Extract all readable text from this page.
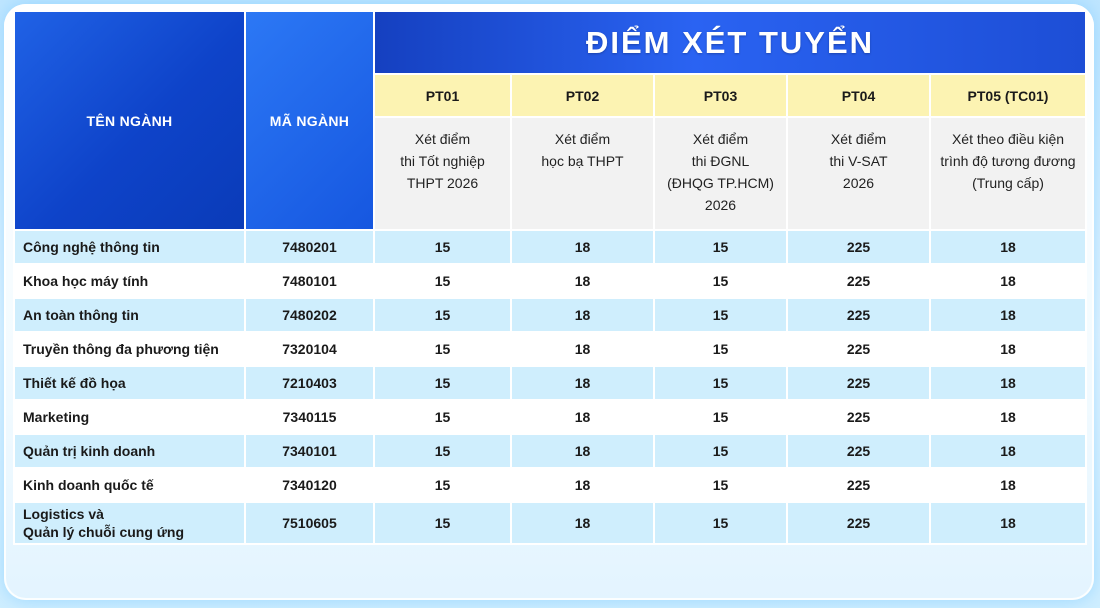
TÊN NGÀNH	MÃ NGÀNH	ĐIỂM XÉT TUYỂN				
		PT01	PT02	PT03	PT04	PT05 (TC01)
		Xét điểm
thi Tốt nghiệp
THPT 2026	Xét điểm
học bạ THPT	Xét điểm
thi ĐGNL
(ĐHQG TP.HCM)
2026	Xét điểm
thi V-SAT
2026	Xét theo điều kiện
trình độ tương đương
(Trung cấp)
Công nghệ thông tin	7480201	15	18	15	225	18
Khoa học máy tính	7480101	15	18	15	225	18
An toàn thông tin	7480202	15	18	15	225	18
Truyền thông đa phương tiện	7320104	15	18	15	225	18
Thiết kế đồ họa	7210403	15	18	15	225	18
Marketing	7340115	15	18	15	225	18
Quản trị kinh doanh	7340101	15	18	15	225	18
Kinh doanh quốc tế	7340120	15	18	15	225	18
Logistics và
Quản lý chuỗi cung ứng	7510605	15	18	15	225	18
